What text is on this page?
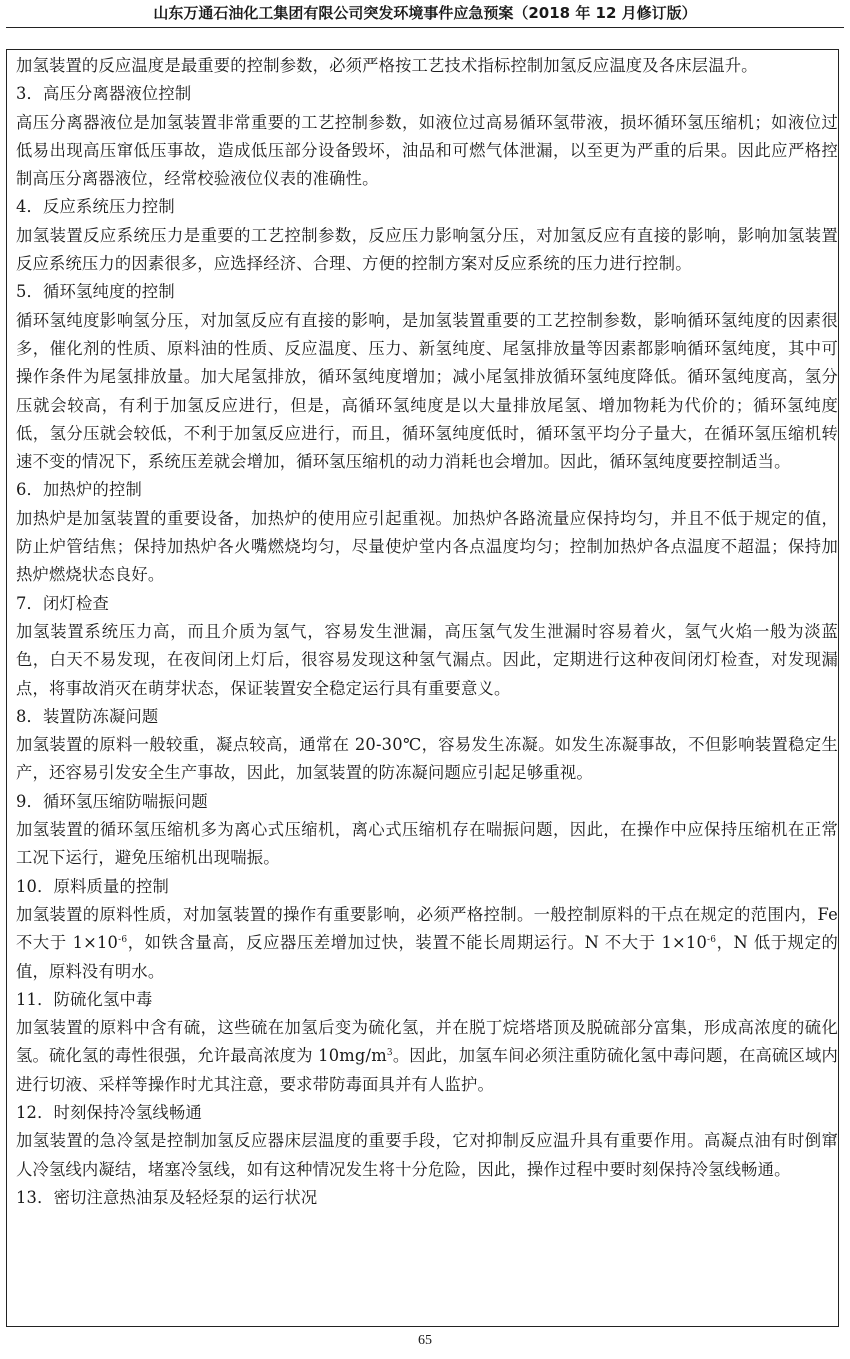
山东万通石油化工集团有限公司突发环境事件应急预案（2018 年 12 月修订版）

加氢装置的反应温度是最重要的控制参数，必须严格按工艺技术指标控制加氢反应温度及各床层温升。

3．高压分离器液位控制

高压分离器液位是加氢装置非常重要的工艺控制参数，如液位过高易循环氢带液，损坏循环氢压缩机；如液位过低易出现高压窜低压事故，造成低压部分设备毁坏，油品和可燃气体泄漏，以至更为严重的后果。因此应严格控制高压分离器液位，经常校验液位仪表的准确性。

4．反应系统压力控制

加氢装置反应系统压力是重要的工艺控制参数，反应压力影响氢分压，对加氢反应有直接的影响，影响加氢装置反应系统压力的因素很多，应选择经济、合理、方便的控制方案对反应系统的压力进行控制。

5．循环氢纯度的控制

循环氢纯度影响氢分压，对加氢反应有直接的影响，是加氢装置重要的工艺控制参数，影响循环氢纯度的因素很多，催化剂的性质、原料油的性质、反应温度、压力、新氢纯度、尾氢排放量等因素都影响循环氢纯度，其中可操作条件为尾氢排放量。加大尾氢排放，循环氢纯度增加；减小尾氢排放循环氢纯度降低。循环氢纯度高，氢分压就会较高，有利于加氢反应进行，但是，高循环氢纯度是以大量排放尾氢、增加物耗为代价的；循环氢纯度低，氢分压就会较低，不利于加氢反应进行，而且，循环氢纯度低时，循环氢平均分子量大，在循环氢压缩机转速不变的情况下，系统压差就会增加，循环氢压缩机的动力消耗也会增加。因此，循环氢纯度要控制适当。

6．加热炉的控制

加热炉是加氢装置的重要设备，加热炉的使用应引起重视。加热炉各路流量应保持均匀，并且不低于规定的值，防止炉管结焦；保持加热炉各火嘴燃烧均匀，尽量使炉堂内各点温度均匀；控制加热炉各点温度不超温；保持加热炉燃烧状态良好。

7．闭灯检查

加氢装置系统压力高，而且介质为氢气，容易发生泄漏，高压氢气发生泄漏时容易着火，氢气火焰一般为淡蓝色，白天不易发现，在夜间闭上灯后，很容易发现这种氢气漏点。因此，定期进行这种夜间闭灯检查，对发现漏点，将事故消灭在萌芽状态，保证装置安全稳定运行具有重要意义。

8．装置防冻凝问题

加氢装置的原料一般较重，凝点较高，通常在 20-30℃，容易发生冻凝。如发生冻凝事故，不但影响装置稳定生产，还容易引发安全生产事故，因此，加氢装置的防冻凝问题应引起足够重视。

9．循环氢压缩防喘振问题

加氢装置的循环氢压缩机多为离心式压缩机，离心式压缩机存在喘振问题，因此，在操作中应保持压缩机在正常工况下运行，避免压缩机出现喘振。

10．原料质量的控制

加氢装置的原料性质，对加氢装置的操作有重要影响，必须严格控制。一般控制原料的干点在规定的范围内，Fe 不大于 $1\times 10^{-6}$，如铁含量高，反应器压差增加过快，装置不能长周期运行。N 不大于 $1\times 10^{-6}$，N 低于规定的值，原料没有明水。

11．防硫化氢中毒

加氢装置的原料中含有硫，这些硫在加氢后变为硫化氢，并在脱丁烷塔塔顶及脱硫部分富集，形成高浓度的硫化氢。硫化氢的毒性很强，允许最高浓度为 $10mg/m^3$。因此，加氢车间必须注重防硫化氢中毒问题，在高硫区域内进行切液、采样等操作时尤其注意，要求带防毒面具并有人监护。

12．时刻保持冷氢线畅通

加氢装置的急冷氢是控制加氢反应器床层温度的重要手段，它对抑制反应温升具有重要作用。高凝点油有时倒窜人冷氢线内凝结，堵塞冷氢线，如有这种情况发生将十分危险，因此，操作过程中要时刻保持冷氢线畅通。

13．密切注意热油泵及轻烃泵的运行状况

65
